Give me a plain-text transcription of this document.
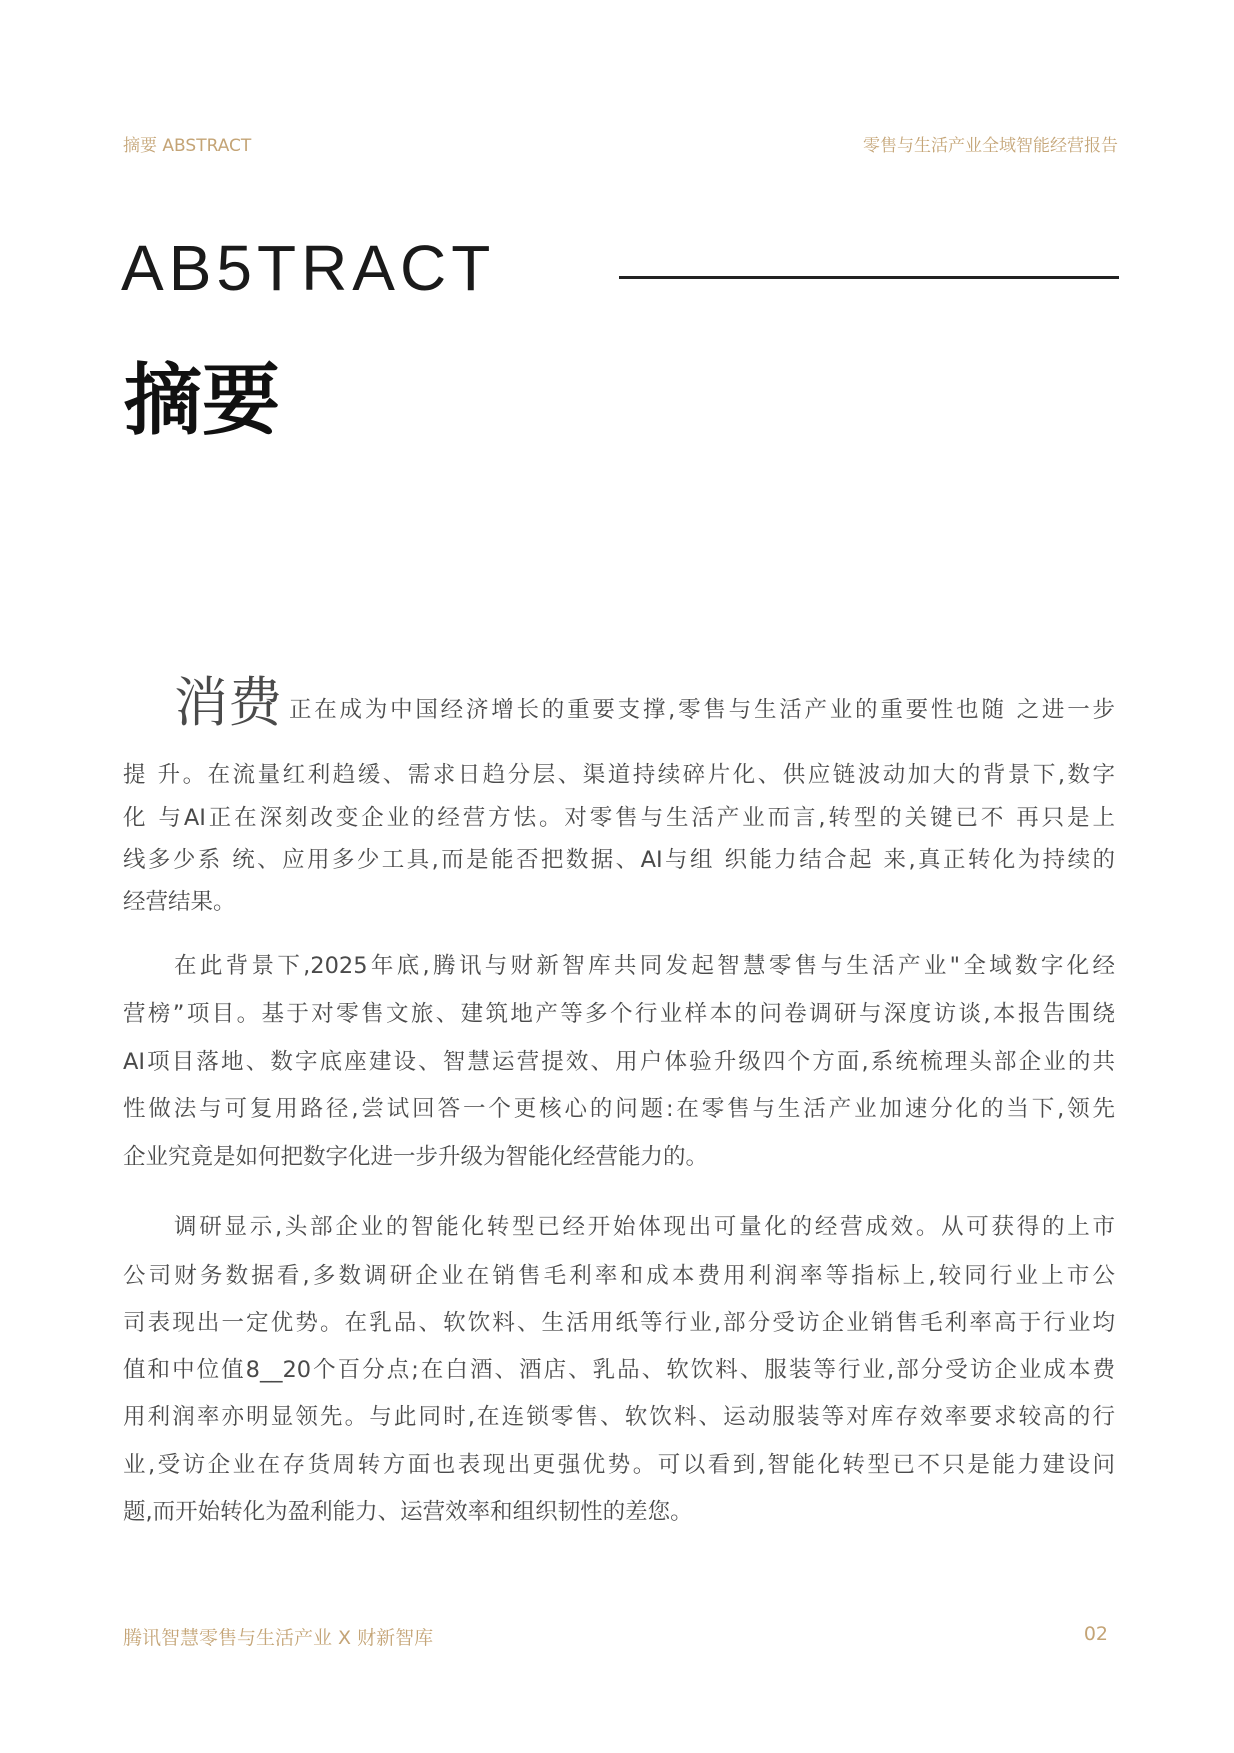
摘要 ABSTRACT	零售与生活产业全域智能经营报告
AB5TRACT
摘要
消费 正在成为中国经济增长的重要支撑,零售与生活产业的重要性也随 之进一步
提 升。在流量红利趋缓、需求日趋分层、渠道持续碎片化、供应链波动加大的背景下,数字
化 与AI正在深刻改变企业的经营方怯。对零售与生活产业而言,转型的关键已不 再只是上
线多少系 统、应用多少工具,而是能否把数据、AI与组 织能力结合起 来,真正转化为持续的
经营结果。
在此背景下,2025年底,腾讯与财新智库共同发起智慧零售与生活产业"全域数字化经
营榜”项目。基于对零售文旅、建筑地产等多个行业样本的问卷调研与深度访谈,本报告围绕
AI项目落地、数字底座建设、智慧运营提效、用户体验升级四个方面,系统梳理头部企业的共
性做法与可复用路径,尝试回答一个更核心的问题:在零售与生活产业加速分化的当下,领先
企业究竟是如何把数字化进一步升级为智能化经营能力的。
调研显示,头部企业的智能化转型已经开始体现出可量化的经营成效。从可获得的上市
公司财务数据看,多数调研企业在销售毛利率和成本费用利润率等指标上,较同行业上市公
司表现出一定优势。在乳品、软饮料、生活用纸等行业,部分受访企业销售毛利率高于行业均
值和中位值8__20个百分点;在白酒、酒店、乳品、软饮料、服装等行业,部分受访企业成本费
用利润率亦明显领先。与此同时,在连锁零售、软饮料、运动服装等对库存效率要求较高的行
业,受访企业在存货周转方面也表现出更强优势。可以看到,智能化转型已不只是能力建设问
题,而开始转化为盈利能力、运营效率和组织韧性的差您。
腾讯智慧零售与生活产业 X 财新智库	02
